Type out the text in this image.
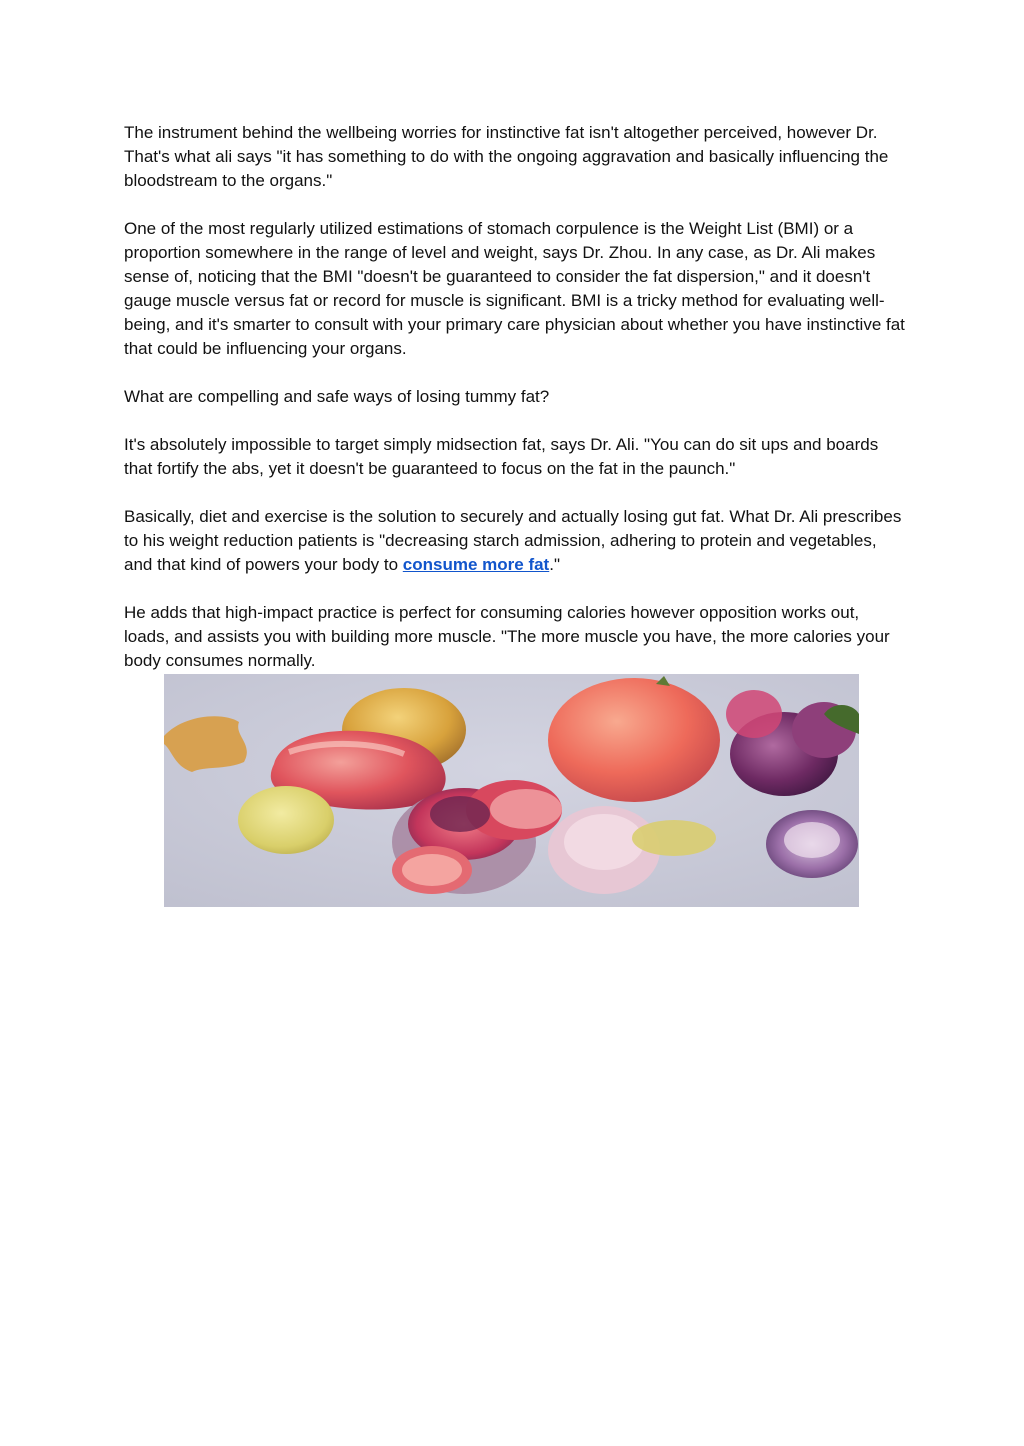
The instrument behind the wellbeing worries for instinctive fat isn't altogether perceived, however Dr. That's what ali says "it has something to do with the ongoing aggravation and basically influencing the bloodstream to the organs."

One of the most regularly utilized estimations of stomach corpulence is the Weight List (BMI) or a proportion somewhere in the range of level and weight, says Dr. Zhou. In any case, as Dr. Ali makes sense of, noticing that the BMI "doesn't be guaranteed to consider the fat dispersion," and it doesn't gauge muscle versus fat or record for muscle is significant. BMI is a tricky method for evaluating well-being, and it's smarter to consult with your primary care physician about whether you have instinctive fat that could be influencing your organs.

What are compelling and safe ways of losing tummy fat?

It's absolutely impossible to target simply midsection fat, says Dr. Ali. "You can do sit ups and boards that fortify the abs, yet it doesn't be guaranteed to focus on the fat in the paunch."

Basically, diet and exercise is the solution to securely and actually losing gut fat. What Dr. Ali prescribes to his weight reduction patients is "decreasing starch admission, adhering to protein and vegetables, and that kind of powers your body to consume more fat."

He adds that high-impact practice is perfect for consuming calories however opposition works out, loads, and assists you with building more muscle. "The more muscle you have, the more calories your body consumes normally.
